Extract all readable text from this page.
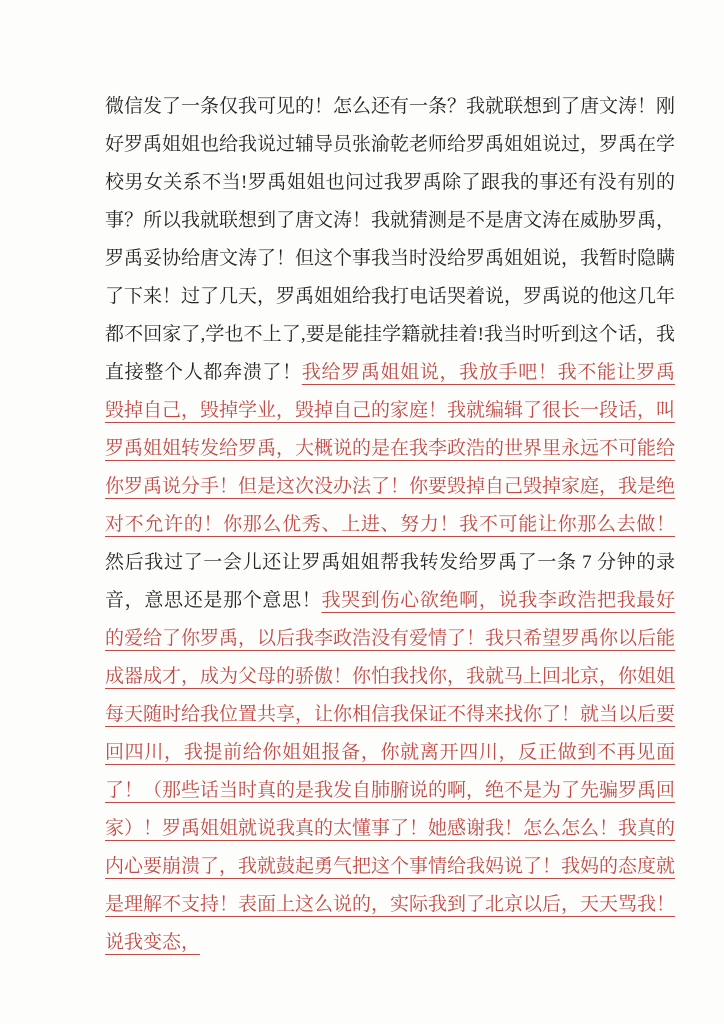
微信发了一条仅我可见的！怎么还有一条？我就联想到了唐文涛！刚好罗禹姐姐也给我说过辅导员张渝乾老师给罗禹姐姐说过，罗禹在学校男女关系不当!罗禹姐姐也问过我罗禹除了跟我的事还有没有别的事？所以我就联想到了唐文涛！我就猜测是不是唐文涛在威胁罗禹，罗禹妥协给唐文涛了！但这个事我当时没给罗禹姐姐说，我暂时隐瞒了下来！过了几天，罗禹姐姐给我打电话哭着说，罗禹说的他这几年都不回家了,学也不上了,要是能挂学籍就挂着!我当时听到这个话，我直接整个人都奔溃了！我给罗禹姐姐说，我放手吧！我不能让罗禹毁掉自己，毁掉学业，毁掉自己的家庭！我就编辑了很长一段话，叫罗禹姐姐转发给罗禹，大概说的是在我李政浩的世界里永远不可能给你罗禹说分手！但是这次没办法了！你要毁掉自己毁掉家庭，我是绝对不允许的！你那么优秀、上进、努力！我不可能让你那么去做！然后我过了一会儿还让罗禹姐姐帮我转发给罗禹了一条 7 分钟的录音，意思还是那个意思！我哭到伤心欲绝啊，说我李政浩把我最好的爱给了你罗禹，以后我李政浩没有爱情了！我只希望罗禹你以后能成器成才，成为父母的骄傲！你怕我找你，我就马上回北京，你姐姐每天随时给我位置共享，让你相信我保证不得来找你了！就当以后要回四川，我提前给你姐姐报备，你就离开四川，反正做到不再见面了！（那些话当时真的是我发自肺腑说的啊，绝不是为了先骗罗禹回家）！罗禹姐姐就说我真的太懂事了！她感谢我！怎么怎么！我真的内心要崩溃了，我就鼓起勇气把这个事情给我妈说了！我妈的态度就是理解不支持！表面上这么说的，实际我到了北京以后，天天骂我！说我变态，
